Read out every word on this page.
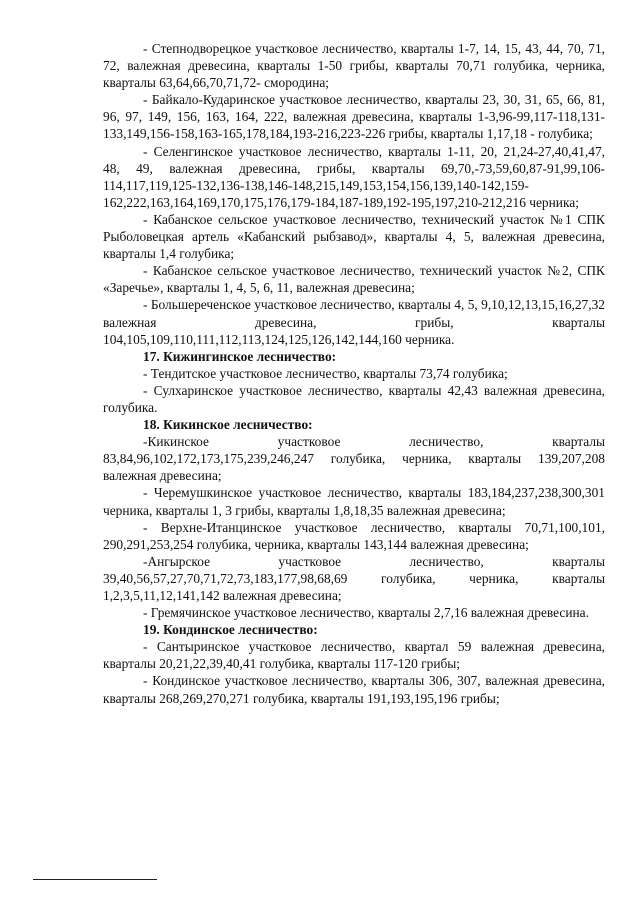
- Степнодворецкое участковое лесничество, кварталы 1-7, 14, 15, 43, 44, 70, 71, 72, валежная древесина, кварталы 1-50 грибы, кварталы 70,71 голубика, черника, кварталы 63,64,66,70,71,72- смородина;

- Байкало-Кударинское участковое лесничество, кварталы 23, 30, 31, 65, 66, 81, 96, 97, 149, 156, 163, 164, 222, валежная древесина, кварталы 1-3,96-99,117-118,131-133,149,156-158,163-165,178,184,193-216,223-226 грибы, кварталы 1,17,18 - голубика;

- Селенгинское участковое лесничество, кварталы 1-11, 20, 21,24-27,40,41,47, 48, 49, валежная древесина, грибы, кварталы 69,70,-73,59,60,87-91,99,106-114,117,119,125-132,136-138,146-148,215,149,153,154,156,139,140-142,159-162,222,163,164,169,170,175,176,179-184,187-189,192-195,197,210-212,216 черника;

- Кабанское сельское участковое лесничество, технический участок №1 СПК Рыболовецкая артель «Кабанский рыбзавод», кварталы 4, 5, валежная древесина, кварталы 1,4 голубика;

- Кабанское сельское участковое лесничество, технический участок №2, СПК «Заречье», кварталы 1, 4, 5, 6, 11, валежная древесина;

- Большереченское участковое лесничество, кварталы 4, 5, 9,10,12,13,15,16,27,32 валежная древесина, грибы, кварталы 104,105,109,110,111,112,113,124,125,126,142,144,160 черника.

17. Кижингинское лесничество:

- Тендитское участковое лесничество, кварталы 73,74 голубика;

- Сулхаринское участковое лесничество, кварталы 42,43 валежная древесина, голубика.

18. Кикинское лесничество:

-Кикинское участковое лесничество, кварталы 83,84,96,102,172,173,175,239,246,247 голубика, черника, кварталы 139,207,208 валежная древесина;

- Черемушкинское участковое лесничество, кварталы 183,184,237,238,300,301 черника, кварталы 1, 3 грибы, кварталы 1,8,18,35 валежная древесина;

- Верхне-Итанцинское участковое лесничество, кварталы 70,71,100,101, 290,291,253,254 голубика, черника, кварталы 143,144 валежная древесина;

-Ангырское участковое лесничество, кварталы 39,40,56,57,27,70,71,72,73,183,177,98,68,69 голубика, черника, кварталы 1,2,3,5,11,12,141,142 валежная древесина;

- Гремячинское участковое лесничество, кварталы 2,7,16 валежная древесина.

19. Кондинское лесничество:

- Сантыринское участковое лесничество, квартал 59 валежная древесина, кварталы 20,21,22,39,40,41 голубика, кварталы 117-120 грибы;

- Кондинское участковое лесничество, кварталы 306, 307, валежная древесина, кварталы 268,269,270,271 голубика, кварталы 191,193,195,196 грибы;
